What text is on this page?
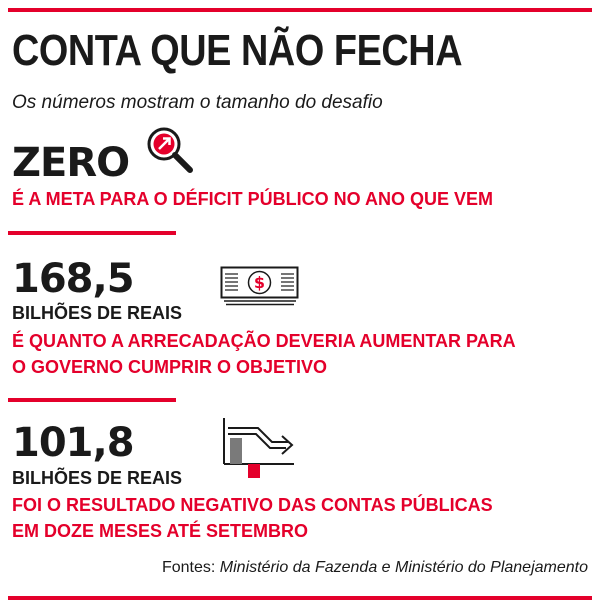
CONTA QUE NÃO FECHA
Os números mostram o tamanho do desafio
ZERO
É A META PARA O DÉFICIT PÚBLICO NO ANO QUE VEM
168,5	$
BILHÕES DE REAIS
É QUANTO A ARRECADAÇÃO DEVERIA AUMENTAR PARA
O GOVERNO CUMPRIR O OBJETIVO
101,8
BILHÕES DE REAIS
FOI O RESULTADO NEGATIVO DAS CONTAS PÚBLICAS
EM DOZE MESES ATÉ SETEMBRO
Fontes: Ministério da Fazenda e Ministério do Planejamento
